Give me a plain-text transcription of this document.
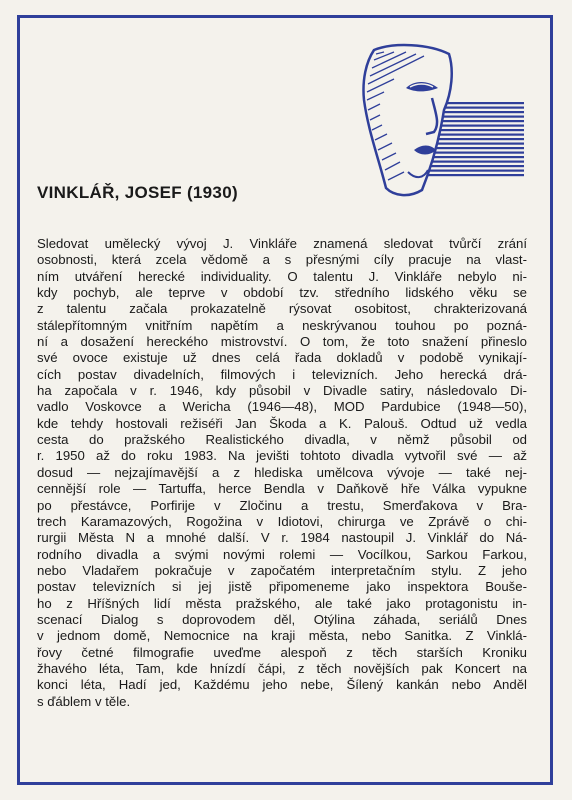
VINKLÁŘ, JOSEF (1930)
Sledovat umělecký vývoj J. Vinkláře znamená sledovat tvůrčí zrání
osobnosti, která zcela vědomě a s přesnými cíly pracuje na vlast-
ním utváření herecké individuality. O talentu J. Vinkláře nebylo ni-
kdy pochyb, ale teprve v období tzv. středního lidského věku se
z talentu začala prokazatelně rýsovat osobitost, chrakterizovaná
stálepřítomným vnitřním napětím a neskrývanou touhou po pozná-
ní a dosažení hereckého mistrovství. O tom, že toto snažení přineslo
své ovoce existuje už dnes celá řada dokladů v podobě vynikají-
cích postav divadelních, filmových i televizních. Jeho herecká drá-
ha započala v r. 1946, kdy působil v Divadle satiry, následovalo Di-
vadlo Voskovce a Wericha (1946—48), MOD Pardubice (1948—50),
kde tehdy hostovali režiséři Jan Škoda a K. Palouš. Odtud už vedla
cesta do pražského Realistického divadla, v němž působil od
r. 1950 až do roku 1983. Na jevišti tohtoto divadla vytvořil své — až
dosud — nejzajímavější a z hlediska umělcova vývoje — také nej-
cennější role — Tartuffa, herce Bendla v Daňkově hře Válka vypukne
po přestávce, Porfirije v Zločinu a trestu, Smerďakova v Bra-
trech Karamazových, Rogožina v Idiotovi, chirurga ve Zprávě o chi-
rurgii Města N a mnohé další. V r. 1984 nastoupil J. Vinklář do Ná-
rodního divadla a svými novými rolemi — Vocílkou, Sarkou Farkou,
nebo Vladařem pokračuje v započatém interpretačním stylu. Z jeho
postav televizních si jej jistě připomeneme jako inspektora Bouše-
ho z Hříšných lidí města pražského, ale také jako protagonistu in-
scenací Dialog s doprovodem děl, Otýlina záhada, seriálů Dnes
v jednom domě, Nemocnice na kraji města, nebo Sanitka. Z Vinklá-
řovy četné filmografie uveďme alespoň z těch starších Kroniku
žhavého léta, Tam, kde hnízdí čápi, z těch novějších pak Koncert na
konci léta, Hadí jed, Každému jeho nebe, Šílený kankán nebo Anděl
s ďáblem v těle.
